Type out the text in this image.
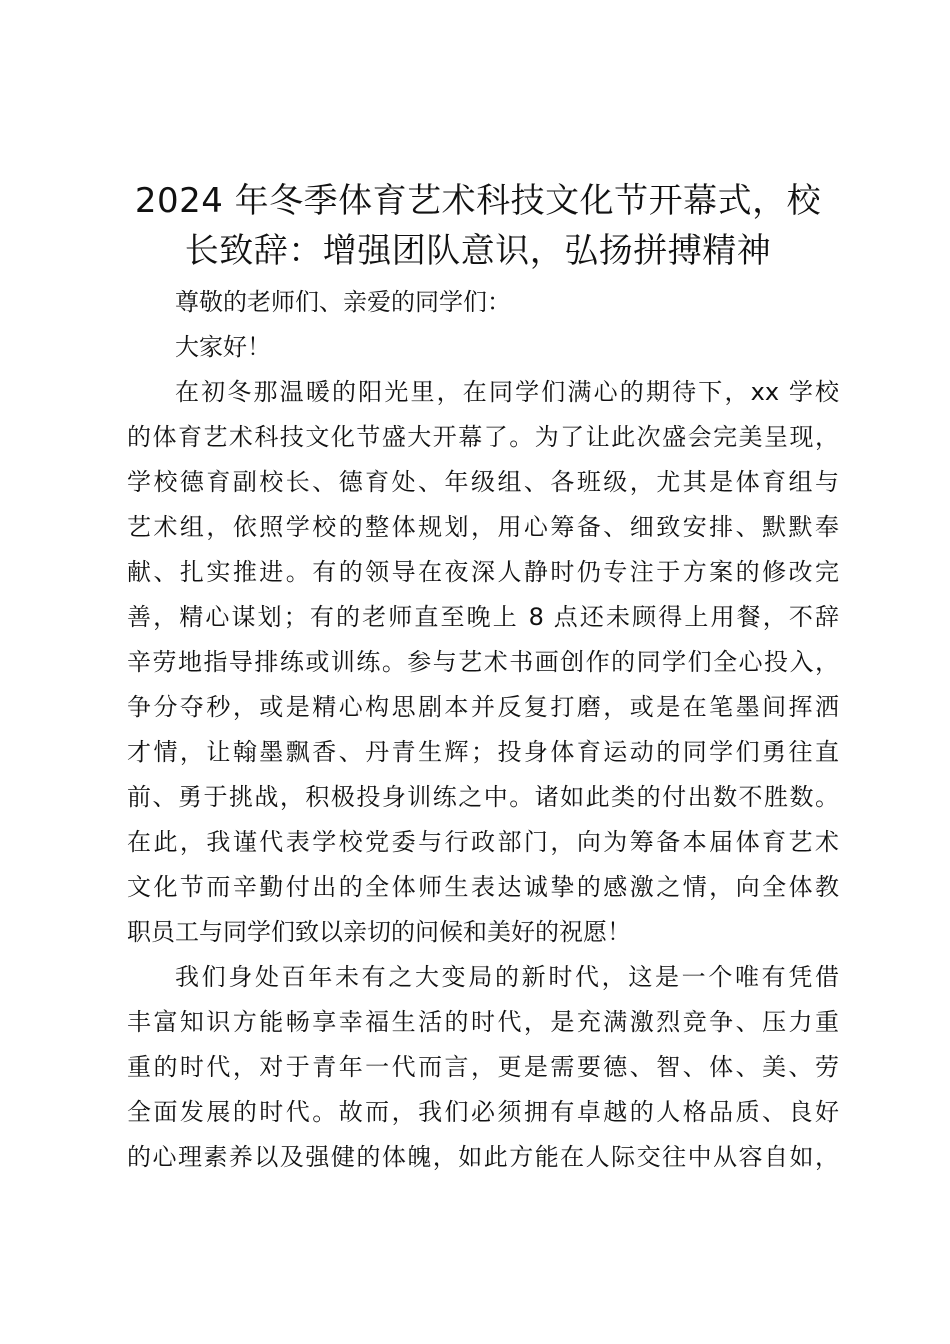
2024 年冬季体育艺术科技文化节开幕式，校
长致辞：增强团队意识，弘扬拼搏精神
尊敬的老师们、亲爱的同学们：
大家好！
在初冬那温暖的阳光里，在同学们满心的期待下，xx 学校
的体育艺术科技文化节盛大开幕了。为了让此次盛会完美呈现，
学校德育副校长、德育处、年级组、各班级，尤其是体育组与
艺术组，依照学校的整体规划，用心筹备、细致安排、默默奉
献、扎实推进。有的领导在夜深人静时仍专注于方案的修改完
善，精心谋划；有的老师直至晚上 8 点还未顾得上用餐，不辞
辛劳地指导排练或训练。参与艺术书画创作的同学们全心投入，
争分夺秒，或是精心构思剧本并反复打磨，或是在笔墨间挥洒
才情，让翰墨飘香、丹青生辉；投身体育运动的同学们勇往直
前、勇于挑战，积极投身训练之中。诸如此类的付出数不胜数。
在此，我谨代表学校党委与行政部门，向为筹备本届体育艺术
文化节而辛勤付出的全体师生表达诚挚的感激之情，向全体教
职员工与同学们致以亲切的问候和美好的祝愿！
我们身处百年未有之大变局的新时代，这是一个唯有凭借
丰富知识方能畅享幸福生活的时代，是充满激烈竞争、压力重
重的时代，对于青年一代而言，更是需要德、智、体、美、劳
全面发展的时代。故而，我们必须拥有卓越的人格品质、良好
的心理素养以及强健的体魄，如此方能在人际交往中从容自如，
